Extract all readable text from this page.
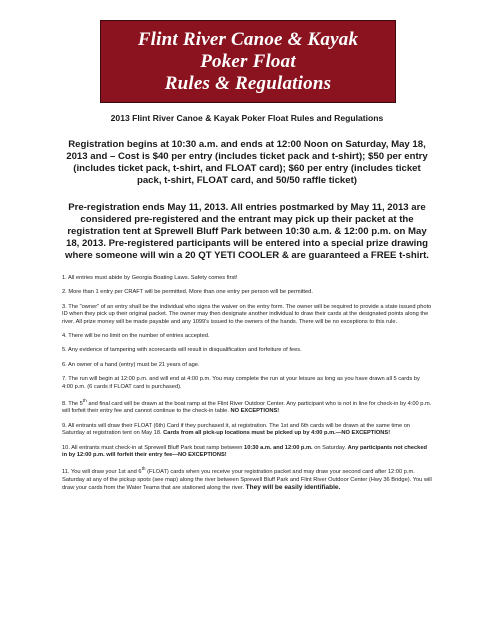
Flint River Canoe & Kayak
Poker Float
Rules & Regulations

2013 Flint River Canoe & Kayak Poker Float Rules and Regulations

Registration begins at 10:30 a.m. and ends at 12:00 Noon on Saturday, May 18, 2013 and – Cost is $40 per entry (includes ticket pack and t-shirt); $50 per entry (includes ticket pack, t-shirt, and FLOAT card); $60 per entry (includes ticket pack, t-shirt, FLOAT card, and 50/50 raffle ticket)

Pre-registration ends May 11, 2013. All entries postmarked by May 11, 2013 are considered pre-registered and the entrant may pick up their packet at the registration tent at Sprewell Bluff Park between 10:30 a.m. & 12:00 p.m. on May 18, 2013. Pre-registered participants will be entered into a special prize drawing where someone will win a 20 QT YETI COOLER & are guaranteed a FREE t-shirt.

1. All entries must abide by Georgia Boating Laws. Safety comes first!

2. More than 1 entry per CRAFT will be permitted. More than one entry per person will be permitted.

3. The "owner" of an entry shall be the individual who signs the waiver on the entry form. The owner will be required to provide a state issued photo ID when they pick up their original packet. The owner may then designate another individual to draw their cards at the designated points along the river. All prize money will be made payable and any 1099's issued to the owners of the hands. There will be no exceptions to this rule.

4. There will be no limit on the number of entries accepted.

5. Any evidence of tampering with scorecards will result in disqualification and forfeiture of fees.

6. An owner of a hand (entry) must be 21 years of age.

7. The run will begin at 12:00 p.m. and will end at 4:00 p.m. You may complete the run at your leisure as long as you have drawn all 5 cards by 4:00 p.m. (6 cards if FLOAT card is purchased).

8. The 5th and final card will be drawn at the boat ramp at the Flint River Outdoor Center. Any participant who is not in line for check-in by 4:00 p.m. will forfeit their entry fee and cannot continue to the check-in table. NO EXCEPTIONS!

9. All entrants will draw their FLOAT (6th) Card if they purchased it, at registration. The 1st and 6th cards will be drawn at the same time on Saturday at registration tent on May 18. Cards from all pick-up locations must be picked up by 4:00 p.m.—NO EXCEPTIONS!

10. All entrants must check-in at Sprewell Bluff Park boat ramp between 10:30 a.m. and 12:00 p.m. on Saturday. Any participants not checked in by 12:00 p.m. will forfeit their entry fee—NO EXCEPTIONS!

11. You will draw your 1st and 6th (FLOAT) cards when you receive your registration packet and may draw your second card after 12:00 p.m. Saturday at any of the pickup spots (see map) along the river between Sprewell Bluff Park and Flint River Outdoor Center (Hwy 36 Bridge). You will draw your cards from the Water Teams that are stationed along the river. They will be easily identifiable.
